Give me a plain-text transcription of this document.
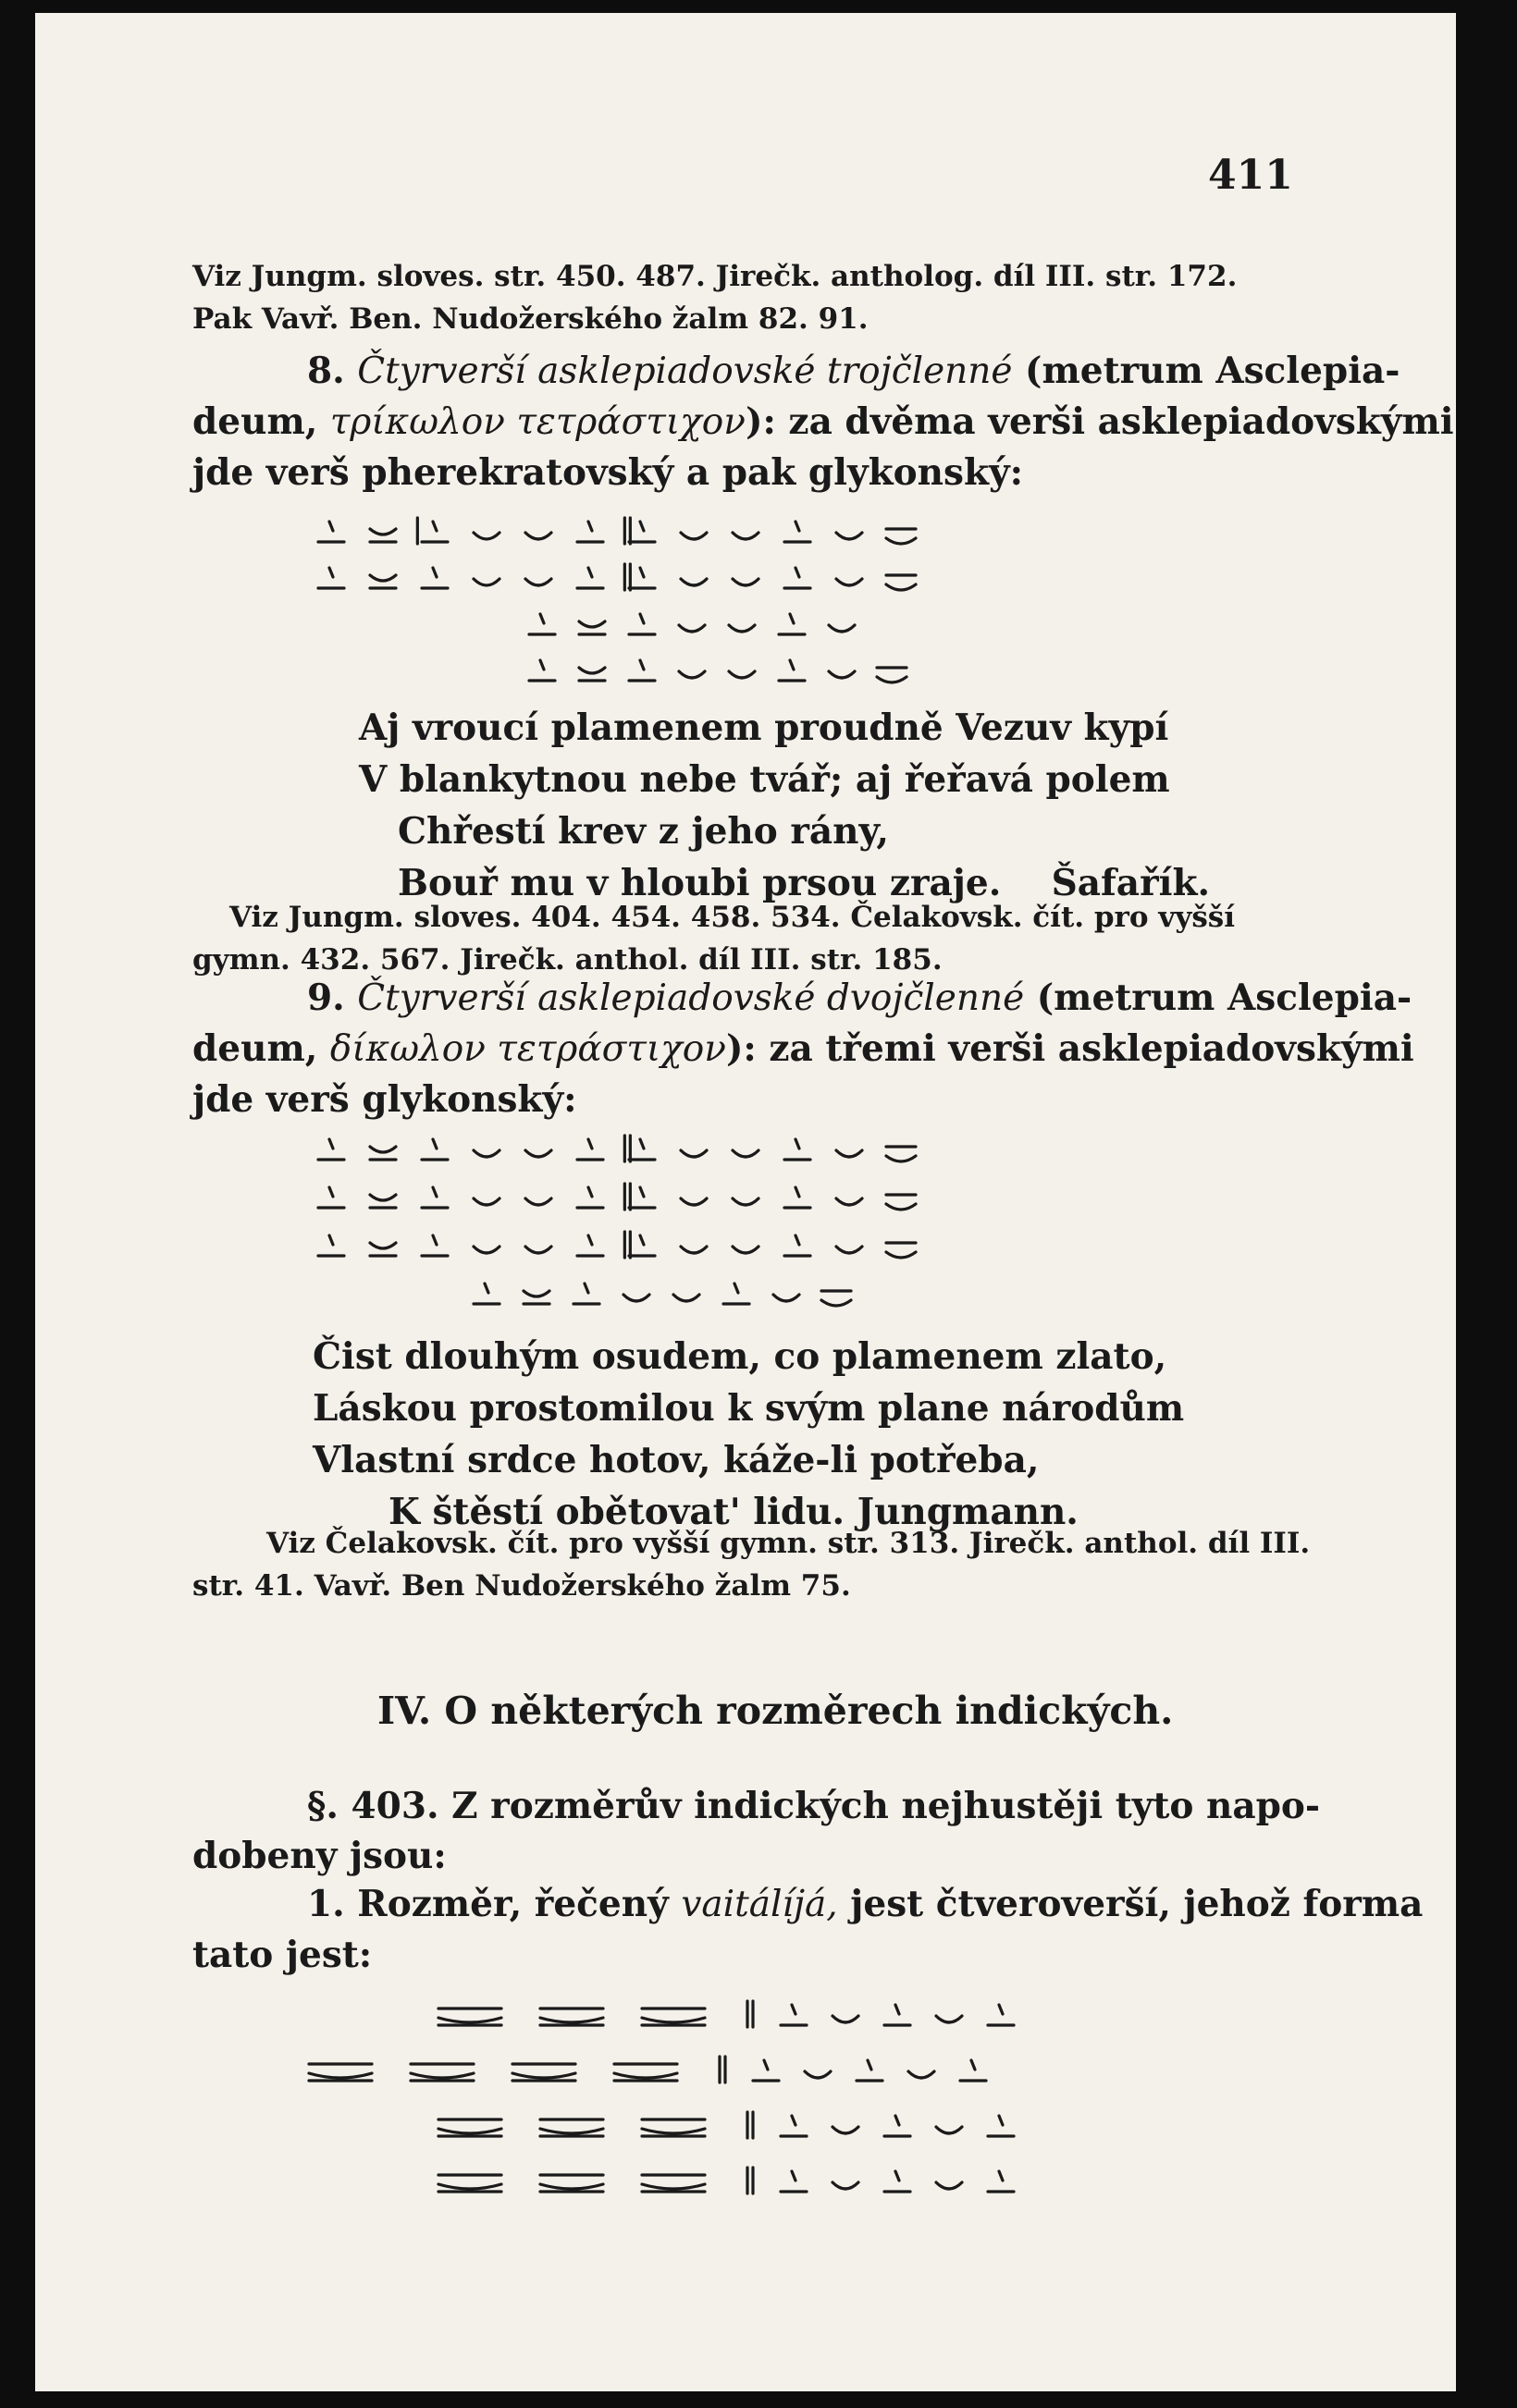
411
Viz Jungm. sloves. str. 450. 487. Jirečk. antholog. díl III. str. 172.
Pak Vavř. Ben. Nudožerského žalm 82. 91.
8. Čtyrverší asklepiadovské trojčlenné (metrum Asclepia-
deum, τρίκωλον τετράστιχον): za dvěma verši asklepiadovskými
jde verš pherekratovský a pak glykonský:
Aj vroucí plamenem proudně Vezuv kypí
V blankytnou nebe tvář; aj řeřavá polem
Chřestí krev z jeho rány,
Bouř mu v hloubi prsou zraje. Šafařík.
Viz Jungm. sloves. 404. 454. 458. 534. Čelakovsk. čít. pro vyšší
gymn. 432. 567. Jirečk. anthol. díl III. str. 185.
9. Čtyrverší asklepiadovské dvojčlenné (metrum Asclepia-
deum, δίκωλον τετράστιχον): za třemi verši asklepiadovskými
jde verš glykonský:
Čist dlouhým osudem, co plamenem zlato,
Láskou prostomilou k svým plane národům
Vlastní srdce hotov, káže-li potřeba,
K štěstí obětovat' lidu. Jungmann.
Viz Čelakovsk. čít. pro vyšší gymn. str. 313. Jirečk. anthol. díl III.
str. 41. Vavř. Ben Nudožerského žalm 75.
IV. O některých rozměrech indických.
§. 403. Z rozměrův indických nejhustěji tyto napo-
dobeny jsou:
1. Rozměr, řečený vaitálíjá, jest čtveroverší, jehož forma
tato jest:
